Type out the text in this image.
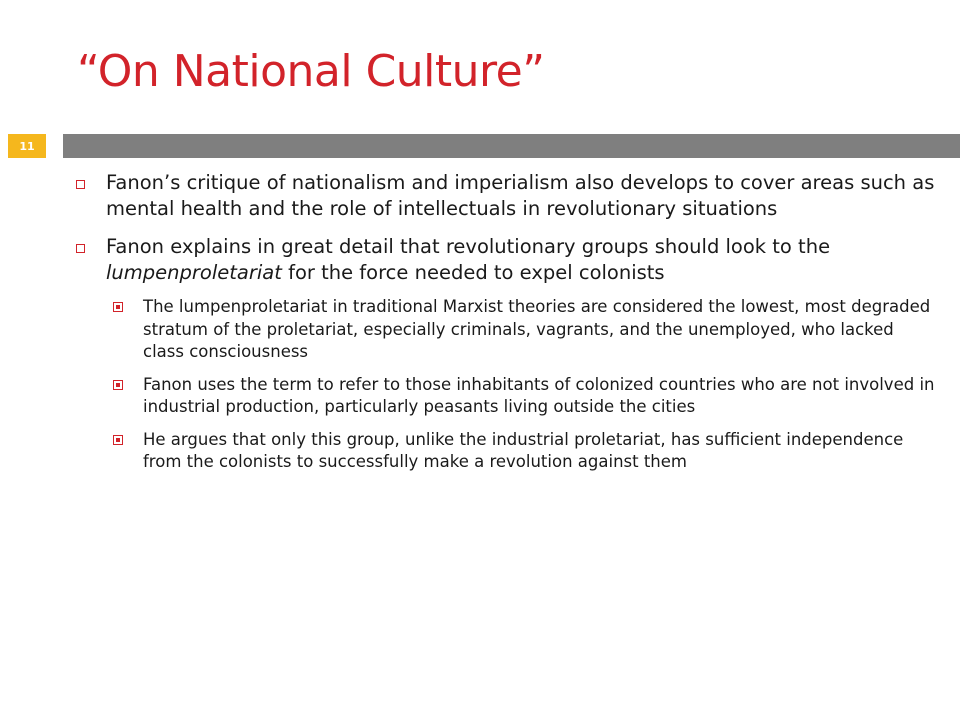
“On National Culture”
11
Fanon’s critique of nationalism and imperialism also develops to cover areas such as mental health and the role of intellectuals in revolutionary situations
Fanon explains in great detail that revolutionary groups should look to the lumpenproletariat for the force needed to expel colonists
The lumpenproletariat in traditional Marxist theories are considered the lowest, most degraded stratum of the proletariat, especially criminals, vagrants, and the unemployed, who lacked class consciousness
Fanon uses the term to refer to those inhabitants of colonized countries who are not involved in industrial production, particularly peasants living outside the cities
He argues that only this group, unlike the industrial proletariat, has sufficient independence from the colonists to successfully make a revolution against them
